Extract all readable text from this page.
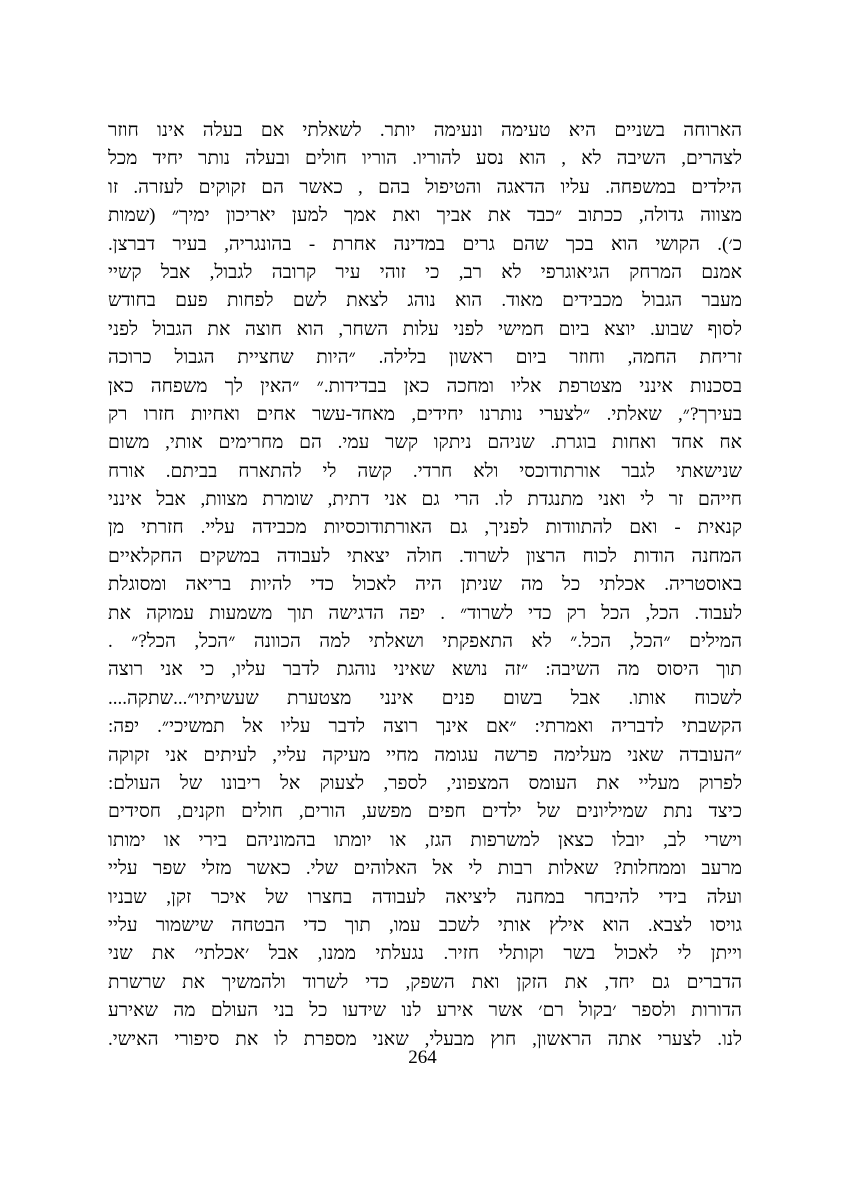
הארוחה בשניים היא טעימה ונעימה יותר. לשאלתי אם בעלה אינו חוזר
לצהרים, השיבה לא , הוא נסע להוריו. הוריו חולים ובעלה נותר יחיד מכל
הילדים במשפחה. עליו הדאגה והטיפול בהם , כאשר הם זקוקים לעזרה. זו
מצווה גדולה, ככתוב ״כבד את אביך ואת אמך למען יאריכון ימיך״ (שמות
כ׳). הקושי הוא בכך שהם גרים במדינה אחרת - בהונגריה, בעיר דברצן.
אמנם המרחק הגיאוגרפי לא רב, כי זוהי עיר קרובה לגבול, אבל קשיי
מעבר הגבול מכבידים מאוד. הוא נוהג לצאת לשם לפחות פעם בחודש
לסוף שבוע. יוצא ביום חמישי לפני עלות השחר, הוא חוצה את הגבול לפני
זריחת החמה, וחוזר ביום ראשון בלילה. ״היות שחציית הגבול כרוכה
בסכנות אינני מצטרפת אליו ומחכה כאן בבדידות.״ ״האין לך משפחה כאן
בעירך?״, שאלתי. ״לצערי נותרנו יחידים, מאחד-עשר אחים ואחיות חזרו רק
אח אחד ואחות בוגרת. שניהם ניתקו קשר עמי. הם מחרימים אותי, משום
שנישאתי לגבר אורתודוכסי ולא חרדי. קשה לי להתארח בביתם. אורח
חייהם זר לי ואני מתנגדת לו. הרי גם אני דתית, שומרת מצוות, אבל אינני
קנאית - ואם להתוודות לפניך, גם האורתודוכסיות מכבידה עליי. חזרתי מן
המחנה הודות לכוח הרצון לשרוד. חולה יצאתי לעבודה במשקים החקלאיים
באוסטריה. אכלתי כל מה שניתן היה לאכול כדי להיות בריאה ומסוגלת
לעבוד. הכל, הכל רק כדי לשרוד״ . יפה הדגישה תוך משמעות עמוקה את
המילים ״הכל, הכל.״ לא התאפקתי ושאלתי למה הכוונה ״הכל, הכל?״ .
תוך היסוס מה השיבה: ״זה נושא שאיני נוהגת לדבר עליו, כי אני רוצה
לשכוח אותו. אבל בשום פנים אינני מצטערת שעשיתיו״...שתקה....
הקשבתי לדבריה ואמרתי: ״אם אינך רוצה לדבר עליו אל תמשיכי״. יפה:
״העובדה שאני מעלימה פרשה עגומה מחיי מעיקה עליי, לעיתים אני זקוקה
לפרוק מעליי את העומס המצפוני, לספר, לצעוק אל ריבונו של העולם:
כיצד נתת שמיליונים של ילדים חפים מפשע, הורים, חולים וזקנים, חסידים
וישרי לב, יובלו כצאן למשרפות הגז, או יומתו בהמוניהם בירי או ימותו
מרעב וממחלות? שאלות רבות לי אל האלוהים שלי. כאשר מזלי שפר עליי
ועלה בידי להיבחר במחנה ליציאה לעבודה בחצרו של איכר זקן, שבניו
גויסו לצבא. הוא אילץ אותי לשכב עמו, תוך כדי הבטחה שישמור עליי
וייתן לי לאכול בשר וקותלי חזיר. נגעלתי ממנו, אבל ׳אכלתי׳ את שני
הדברים גם יחד, את הזקן ואת השפק, כדי לשרוד ולהמשיך את שרשרת
הדורות ולספר ׳בקול רם׳ אשר אירע לנו שידעו כל בני העולם מה שאירע
לנו. לצערי אתה הראשון, חוץ מבעלי, שאני מספרת לו את סיפורי האישי.
264
